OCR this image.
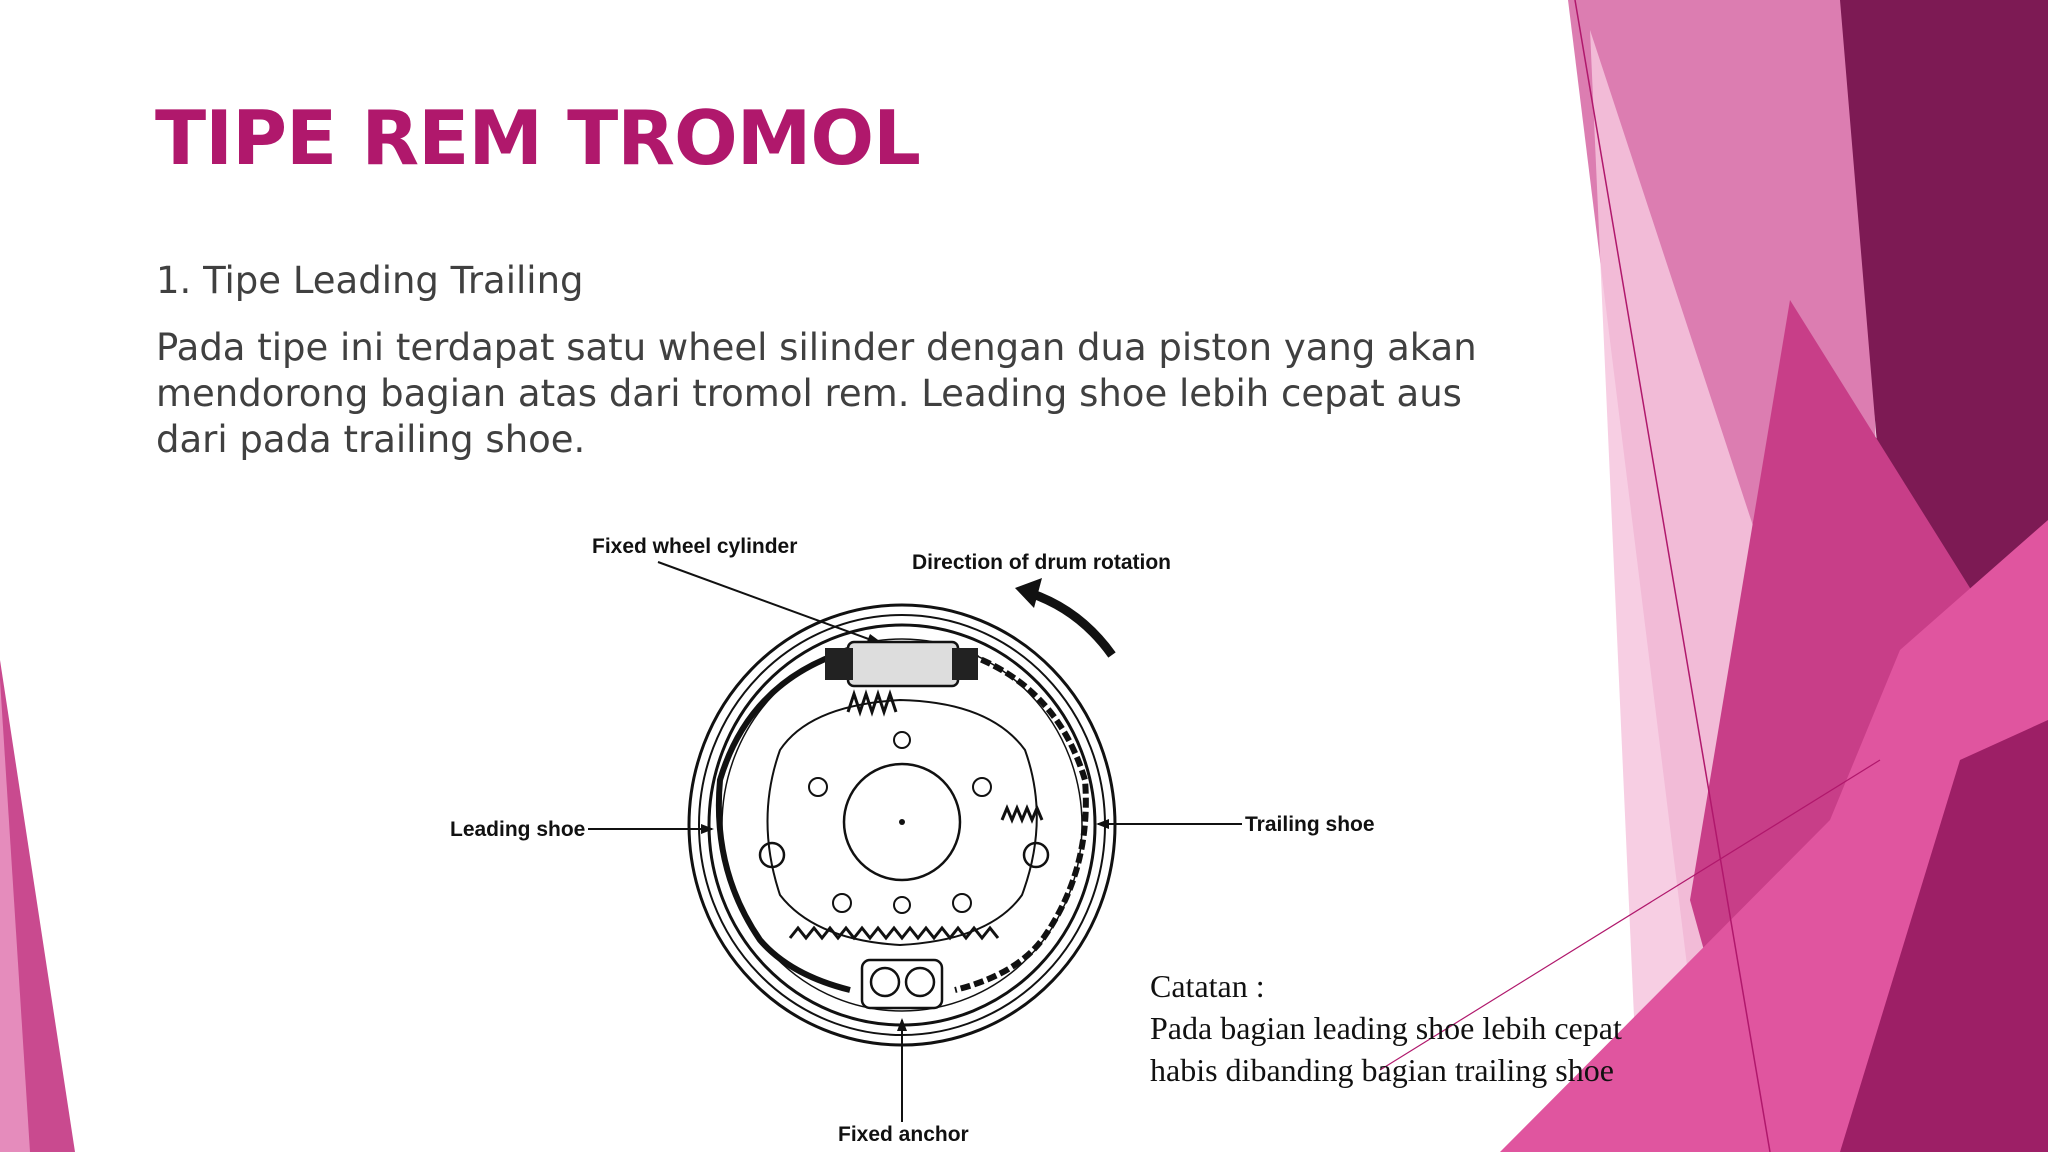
TIPE REM TROMOL
1. Tipe Leading Trailing
Pada tipe ini terdapat satu wheel silinder dengan dua piston yang akan mendorong bagian atas dari tromol rem. Leading shoe lebih cepat aus dari pada trailing shoe.
Fixed wheel cylinder
Direction of drum rotation
Leading shoe	Trailing shoe
Fixed anchor
Catatan :
Pada bagian leading shoe lebih cepat
habis dibanding bagian trailing shoe
